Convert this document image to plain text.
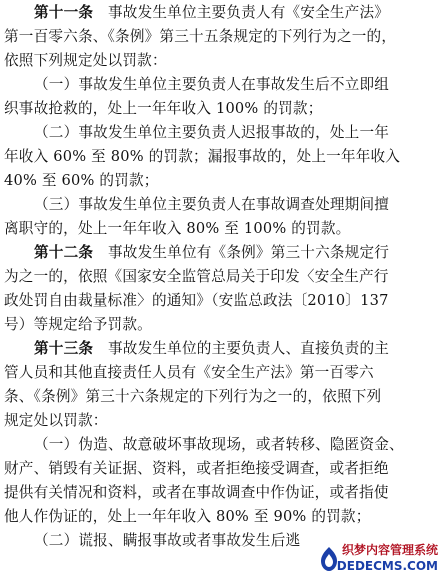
第十一条　 事故发生单位主要负责人有《安全生产法》
第一百零六条、《条例》第三十五条规定的下列行为之一的，
依照下列规定处以罚款：
（一）事故发生单位主要负责人在事故发生后不立即组
织事故抢救的，处上一年年收入 100% 的罚款；
（二）事故发生单位主要负责人迟报事故的，处上一年
年收入 60% 至 80% 的罚款；漏报事故的，处上一年年收入
40% 至 60% 的罚款；
（三）事故发生单位主要负责人在事故调查处理期间擅
离职守的，处上一年年收入 80% 至 100% 的罚款。
第十二条　 事故发生单位有《条例》第三十六条规定行
为之一的，依照《国家安全监管总局关于印发〈安全生产行
政处罚自由裁量标准〉的通知》（安监总政法〔2010〕137
号）等规定给予罚款。
第十三条　 事故发生单位的主要负责人、直接负责的主
管人员和其他直接责任人员有《安全生产法》第一百零六
条、《条例》第三十六条规定的下列行为之一的，依照下列
规定处以罚款：
（一）伪造、故意破坏事故现场，或者转移、隐匿资金、
财产、销毁有关证据、资料，或者拒绝接受调查，或者拒绝
提供有关情况和资料，或者在事故调查中作伪证，或者指使
他人作伪证的，处上一年年收入 80% 至 90% 的罚款；
（二）谎报、瞒报事故或者事故发生后逃
织梦内容管理系统
DEDECMS.COM
